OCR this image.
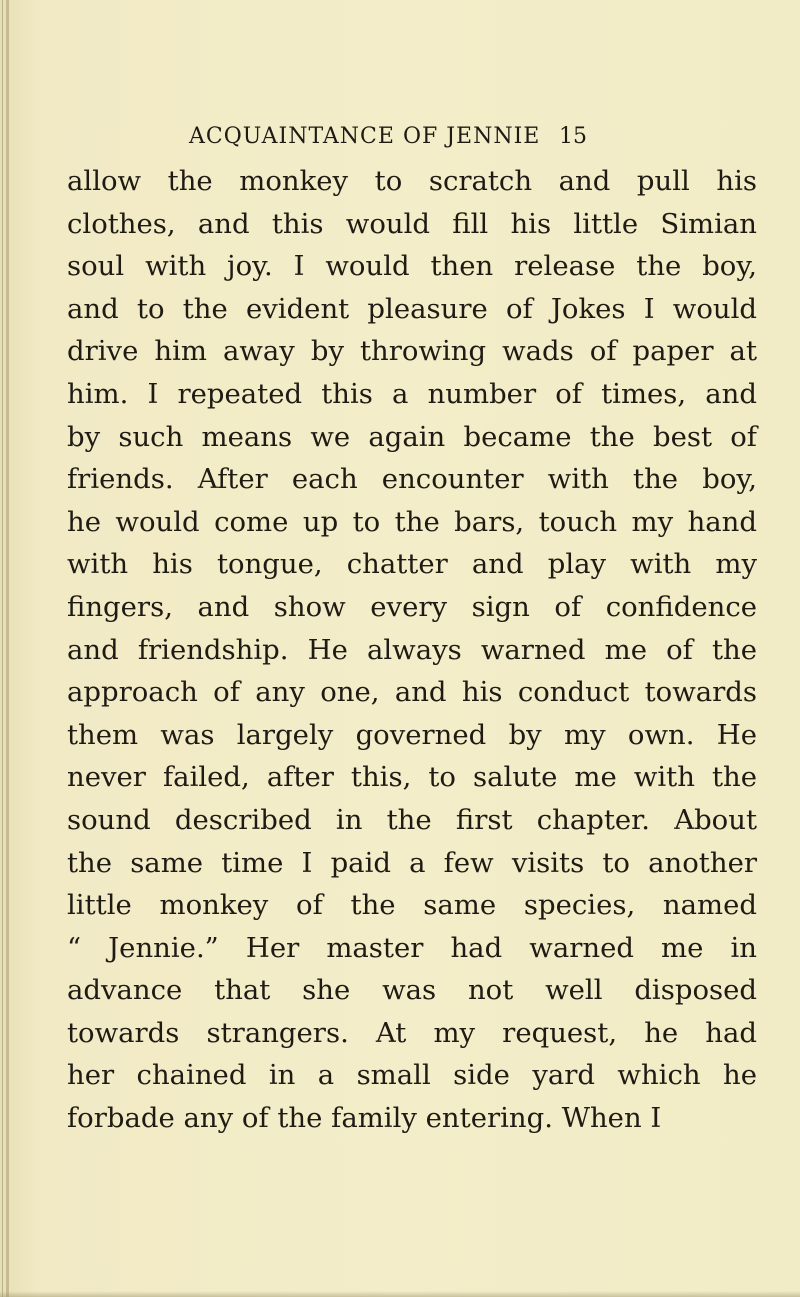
ACQUAINTANCE OF JENNIE 15
allow the monkey to scratch and pull his
clothes, and this would fill his little Simian
soul with joy. I would then release the boy,
and to the evident pleasure of Jokes I would
drive him away by throwing wads of paper at
him. I repeated this a number of times, and
by such means we again became the best of
friends. After each encounter with the boy,
he would come up to the bars, touch my hand
with his tongue, chatter and play with my
fingers, and show every sign of confidence
and friendship. He always warned me of the
approach of any one, and his conduct towards
them was largely governed by my own. He
never failed, after this, to salute me with the
sound described in the first chapter. About
the same time I paid a few visits to another
little monkey of the same species, named
“ Jennie.” Her master had warned me in
advance that she was not well disposed
towards strangers. At my request, he had
her chained in a small side yard which he
forbade any of the family entering. When I
